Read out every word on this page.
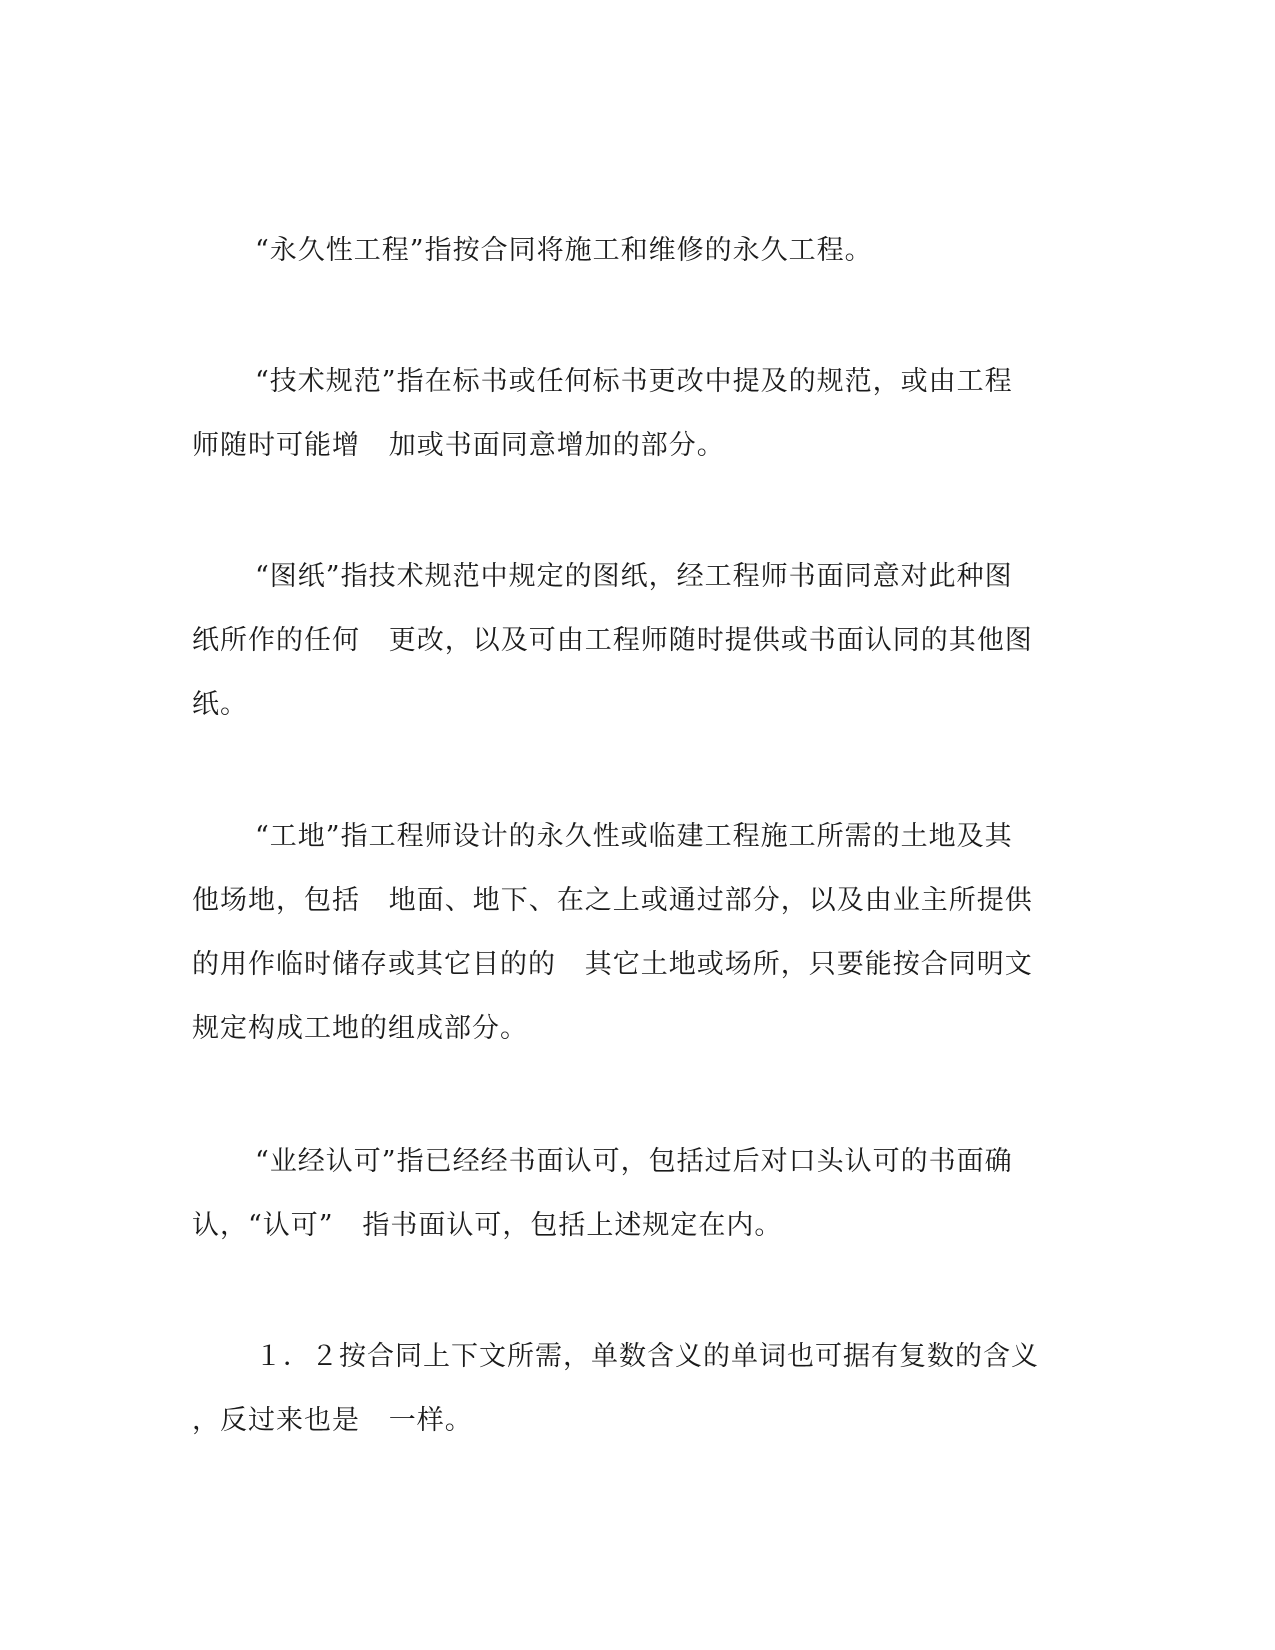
“永久性工程”指按合同将施工和维修的永久工程。

“技术规范”指在标书或任何标书更改中提及的规范，或由工程
师随时可能增   加或书面同意增加的部分。

“图纸”指技术规范中规定的图纸，经工程师书面同意对此种图
纸所作的任何   更改，以及可由工程师随时提供或书面认同的其他图
纸。

“工地”指工程师设计的永久性或临建工程施工所需的土地及其
他场地，包括   地面、地下、在之上或通过部分，以及由业主所提供
的用作临时储存或其它目的的   其它土地或场所，只要能按合同明文
规定构成工地的组成部分。

“业经认可”指已经经书面认可，包括过后对口头认可的书面确
认，“认可”   指书面认可，包括上述规定在内。

１．２按合同上下文所需，单数含义的单词也可据有复数的含义
，反过来也是   一样。
